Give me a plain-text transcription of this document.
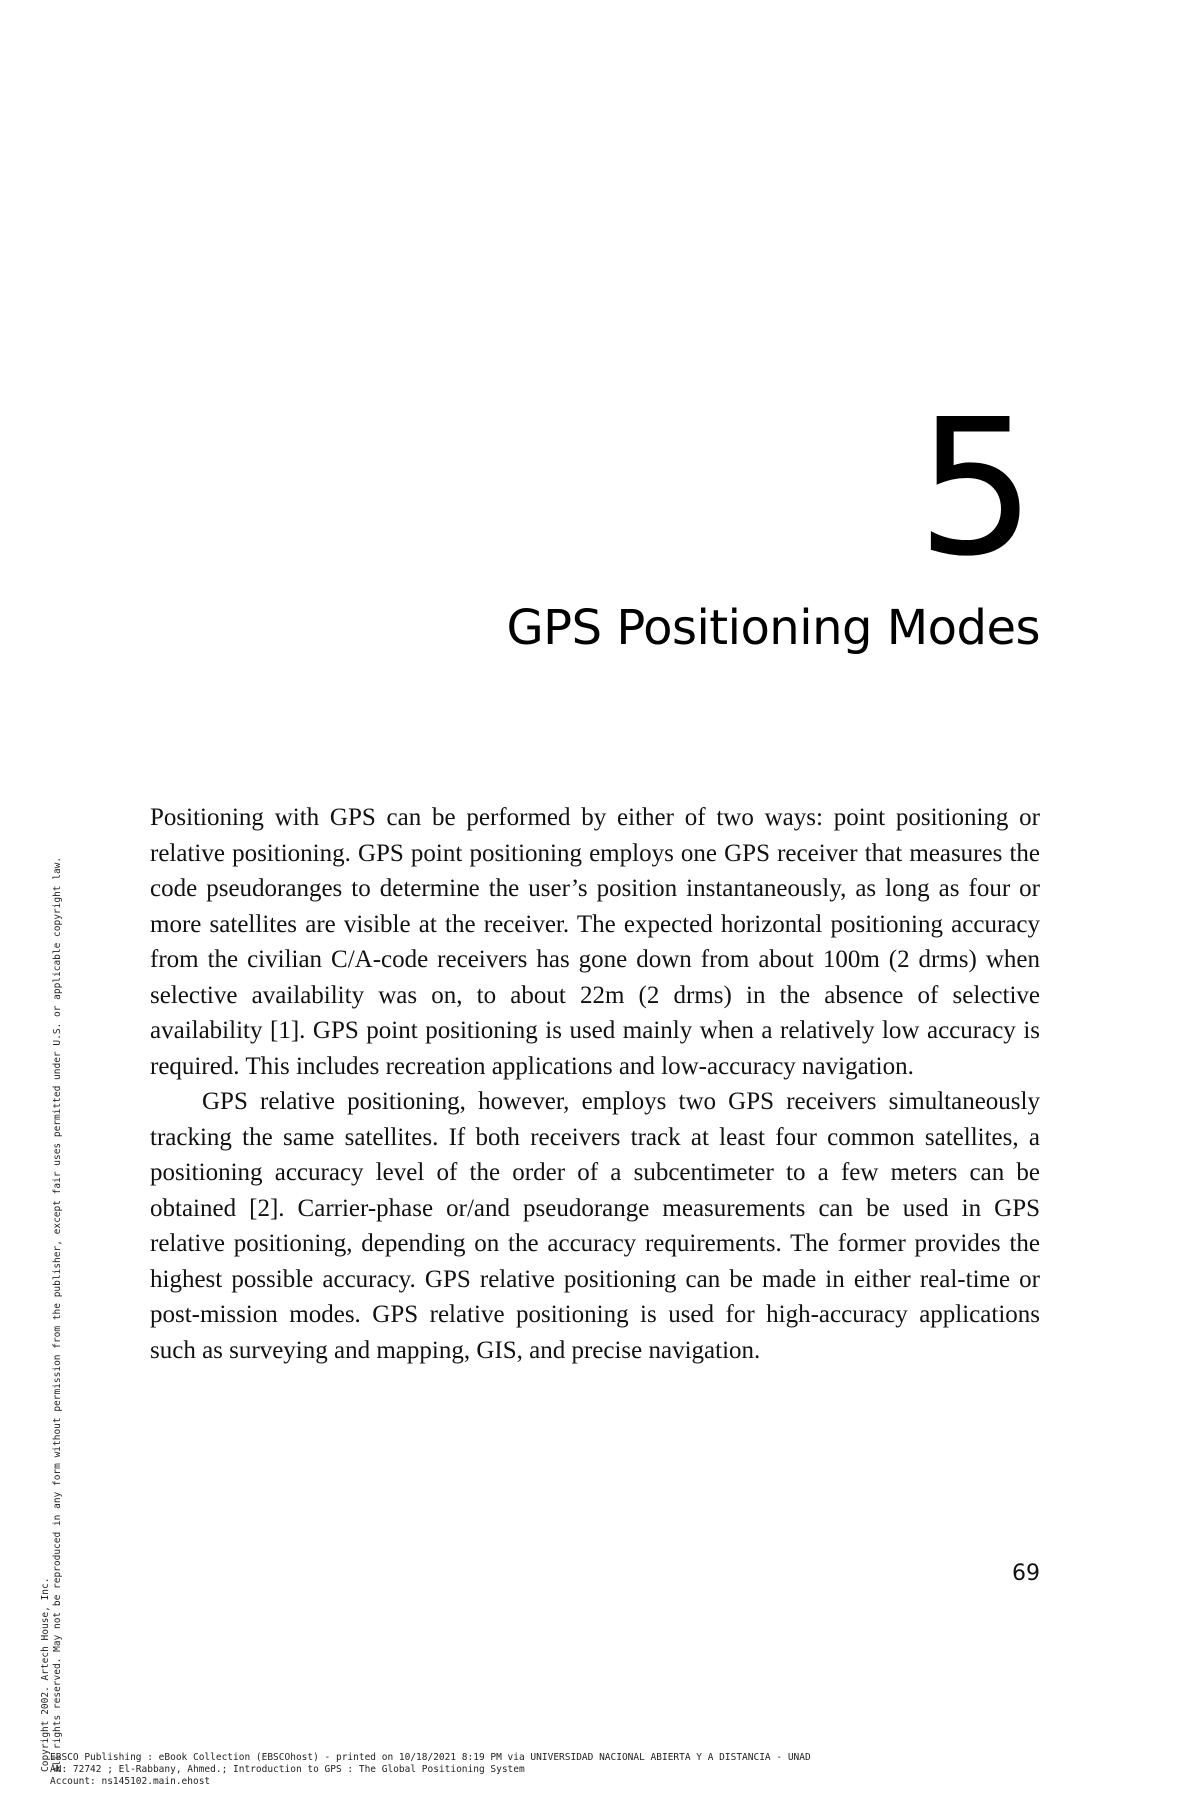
5
GPS Positioning Modes

Positioning with GPS can be performed by either of two ways: point positioning or relative positioning. GPS point positioning employs one GPS receiver that measures the code pseudoranges to determine the user’s position instantaneously, as long as four or more satellites are visible at the receiver. The expected horizontal positioning accuracy from the civilian C/A-code receivers has gone down from about 100m (2 drms) when selective availability was on, to about 22m (2 drms) in the absence of selective availability [1]. GPS point positioning is used mainly when a relatively low accuracy is required. This includes recreation applications and low-accuracy navigation.

GPS relative positioning, however, employs two GPS receivers simultaneously tracking the same satellites. If both receivers track at least four common satellites, a positioning accuracy level of the order of a subcentimeter to a few meters can be obtained [2]. Carrier-phase or/and pseudorange measurements can be used in GPS relative positioning, depending on the accuracy requirements. The former provides the highest possible accuracy. GPS relative positioning can be made in either real-time or post-mission modes. GPS relative positioning is used for high-accuracy applications such as surveying and mapping, GIS, and precise navigation.

69
Copyright 2002. Artech House, Inc. All rights reserved. May not be reproduced in any form without permission from the publisher, except fair uses permitted under U.S. or applicable copyright law.
EBSCO Publishing : eBook Collection (EBSCOhost) - printed on 10/18/2021 8:19 PM via UNIVERSIDAD NACIONAL ABIERTA Y A DISTANCIA - UNAD
AN: 72742 ; El-Rabbany, Ahmed.; Introduction to GPS : The Global Positioning System
Account: ns145102.main.ehost
